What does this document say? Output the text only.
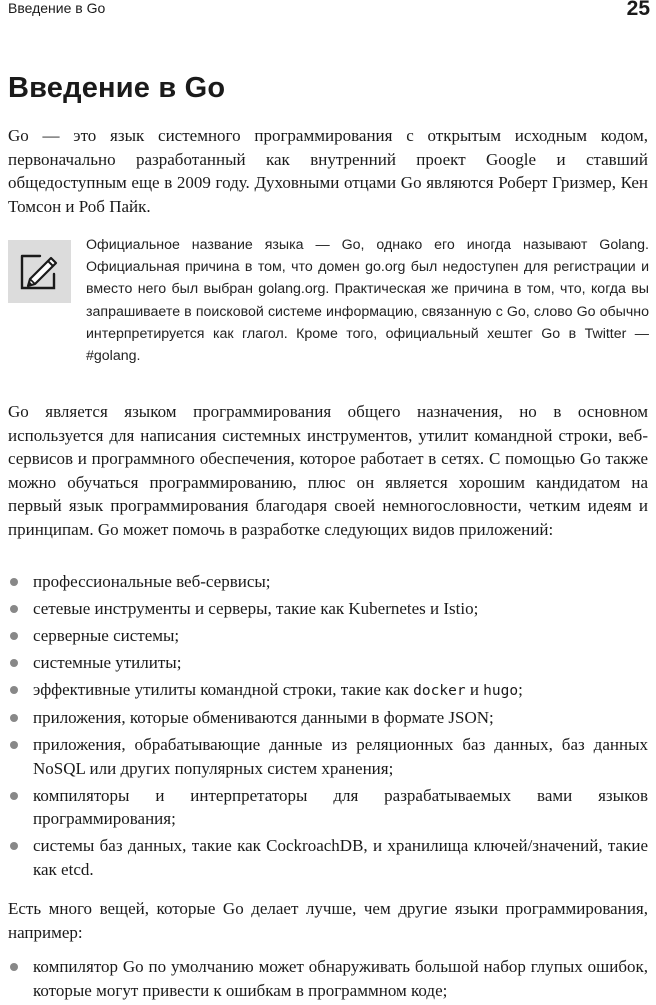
Введение в Go	25
Введение в Go

Go — это язык системного программирования с открытым исходным кодом, первоначально разработанный как внутренний проект Google и ставший общедоступным еще в 2009 году. Духовными отцами Go являются Роберт Гризмер, Кен Томсон и Роб Пайк.

Официальное название языка — Go, однако его иногда называют Golang. Официальная причина в том, что домен go.org был недоступен для регистрации и вместо него был выбран golang.org. Практическая же причина в том, что, когда вы запрашиваете в поисковой системе информацию, связанную с Go, слово Go обычно интерпретируется как глагол. Кроме того, официальный хештег Go в Twitter — #golang.

Go является языком программирования общего назначения, но в основном используется для написания системных инструментов, утилит командной строки, веб-сервисов и программного обеспечения, которое работает в сетях. С помощью Go также можно обучаться программированию, плюс он является хорошим кандидатом на первый язык программирования благодаря своей немногословности, четким идеям и принципам. Go может помочь в разработке следующих видов приложений:

профессиональные веб-сервисы;
сетевые инструменты и серверы, такие как Kubernetes и Istio;
серверные системы;
системные утилиты;
эффективные утилиты командной строки, такие как docker и hugo;
приложения, которые обмениваются данными в формате JSON;
приложения, обрабатывающие данные из реляционных баз данных, баз данных NoSQL или других популярных систем хранения;
компиляторы и интерпретаторы для разрабатываемых вами языков программирования;
системы баз данных, такие как CockroachDB, и хранилища ключей/значений, такие как etcd.

Есть много вещей, которые Go делает лучше, чем другие языки программирования, например:

компилятор Go по умолчанию может обнаруживать большой набор глупых ошибок, которые могут привести к ошибкам в программном коде;
